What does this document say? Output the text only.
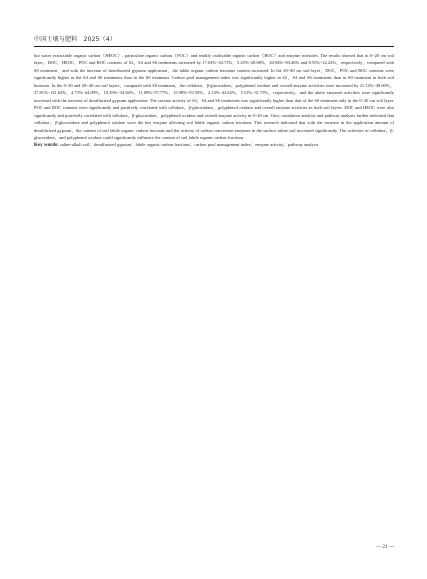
中国土壤与肥料　2025（4）

hot water extractable organic carbon（HEOC）, particulate organic carbon（POC）and readily oxidizable organic carbon（ROC）and enzyme activities. The results showed that in 0~20 cm soil layer，DOC，HEOC，POC and ROC contents of S2，S4 and S6 treatments increased by 17.04%~43.71%，5.45%~28.68%，40.94%~83.46% and 8.55%~22.22%，respectively，compared with S0 treatment，and with the increase of desulfurized gypsum application，the labile organic carbon fractions content increased. In the 20~40 cm soil layer，DOC，POC and ROC contents were significantly higher in the S4 and S6 treatments than in the S0 treatment. Carbon pool management index was significantly higher in S2，S4 and S6 treatments than in S0 treatment in both soil horizons. In the 0~20 and 20~40 cm soil layers，compared with S0 treatment，the cellulase，β-glucosidase，polyphenol oxidase and overall enzyme activities were increased by 21.12%~48.60%，37.81%~121.62%，4.73%~44.09%，10.29%~34.56%，11.89%~57.77%，15.98%~93.50%，2.14%~42.62%，5.51%~31.75%，respectively，and the above enzymes activities were significantly increased with the increase of desulfurized gypsum application. The sucrase activity of S2，S4 and S6 treatments was significantly higher than that of the S0 treatment only in the 0~20 cm soil layer. POC and ROC contents were significantly and positively correlated with cellulase，β-glucosidase，polyphenol oxidase and overall enzyme activities in both soil layers. DOC and HEOC were also significantly and positively correlated with cellulase，β-glucosidase，polyphenol oxidase and overall enzyme activity in 0~20 cm. Grey correlation analysis and pathway analysis further indicated that cellulase，β-glucosidase and polyphenol oxidase were the key enzyme affecting soil labile organic carbon fractions. This research indicated that with the increase in the application amount of desulfurized gypsum，the content of soil labile organic carbon fractions and the activity of carbon conversion enzymes in the surface saline soil increased significantly. The activities of cellulase，β-glucosidase，and polyphenol oxidase could significantly influence the content of soil labile organic carbon fractions.

Key words: saline-alkali soil；desulfurized gypsum；labile organic carbon fractions；carbon pool management index；enzyme activity；pathway analysis

— 21 —
